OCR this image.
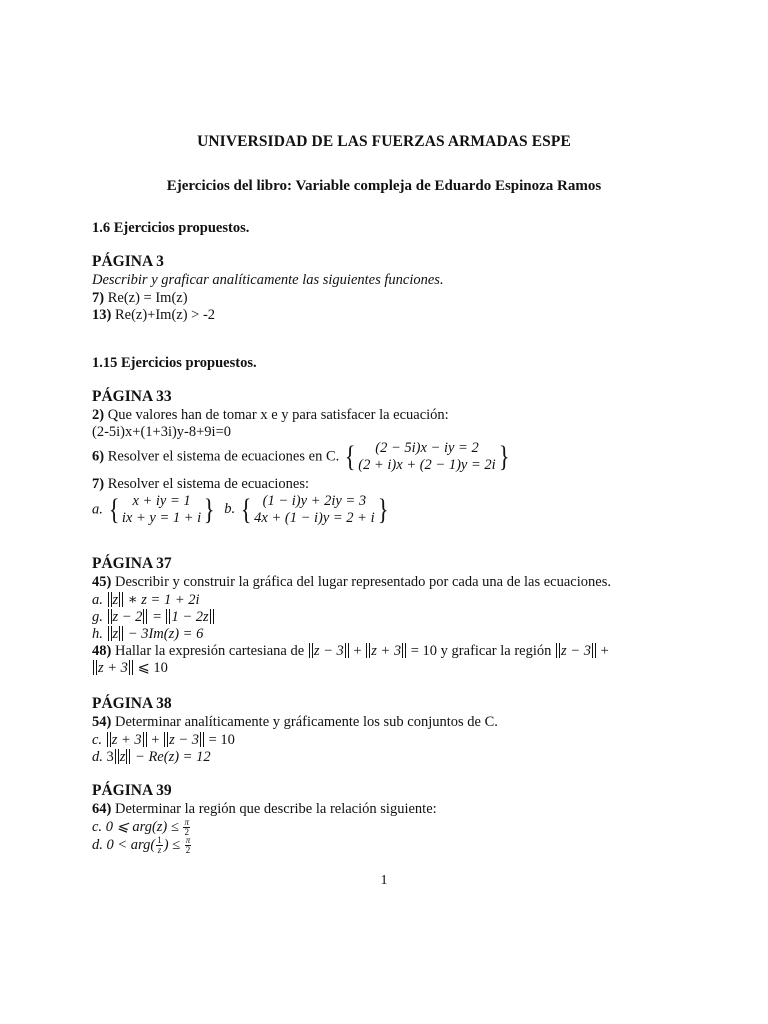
UNIVERSIDAD DE LAS FUERZAS ARMADAS ESPE
Ejercicios del libro: Variable compleja de Eduardo Espinoza Ramos
1.6 Ejercicios propuestos.
PÁGINA 3
Describir y graficar analíticamente las siguientes funciones.
7) Re(z) = Im(z)
13) Re(z)+Im(z) > -2
1.15 Ejercicios propuestos.
PÁGINA 33
2) Que valores han de tomar x e y para satisfacer la ecuación:
(2-5i)x+(1+3i)y-8+9i=0
6) Resolver el sistema de ecuaciones en C. { (2 − 5i)x − iy = 2
(2 + i)x + (2 − 1)y = 2i }
7) Resolver el sistema de ecuaciones:
a. { x + iy = 1
ix + y = 1 + i } b. { (1 − i)y + 2iy = 3
4x + (1 − i)y = 2 + i }
PÁGINA 37
45) Describir y construir la gráfica del lugar representado por cada una de las ecuaciones.
a. z ∗ z = 1 + 2i
g. z − 2 = 1 − 2z
h. z − 3Im(z) = 6
48) Hallar la expresión cartesiana de z − 3 + z + 3 = 10 y graficar la región z − 3 +
z + 3 ⩽ 10
PÁGINA 38
54) Determinar analíticamente y gráficamente los sub conjuntos de C.
c. z + 3 + z − 3 = 10
d. 3 z − Re(z) = 12
PÁGINA 39
64) Determinar la región que describe la relación siguiente:
c. 0 ⩽ $arg(z) \le \frac{\pi}{2}$
d. $0 < arg( \frac{1}{z}$ ) ≤ $\frac{\pi}{2}$
1
